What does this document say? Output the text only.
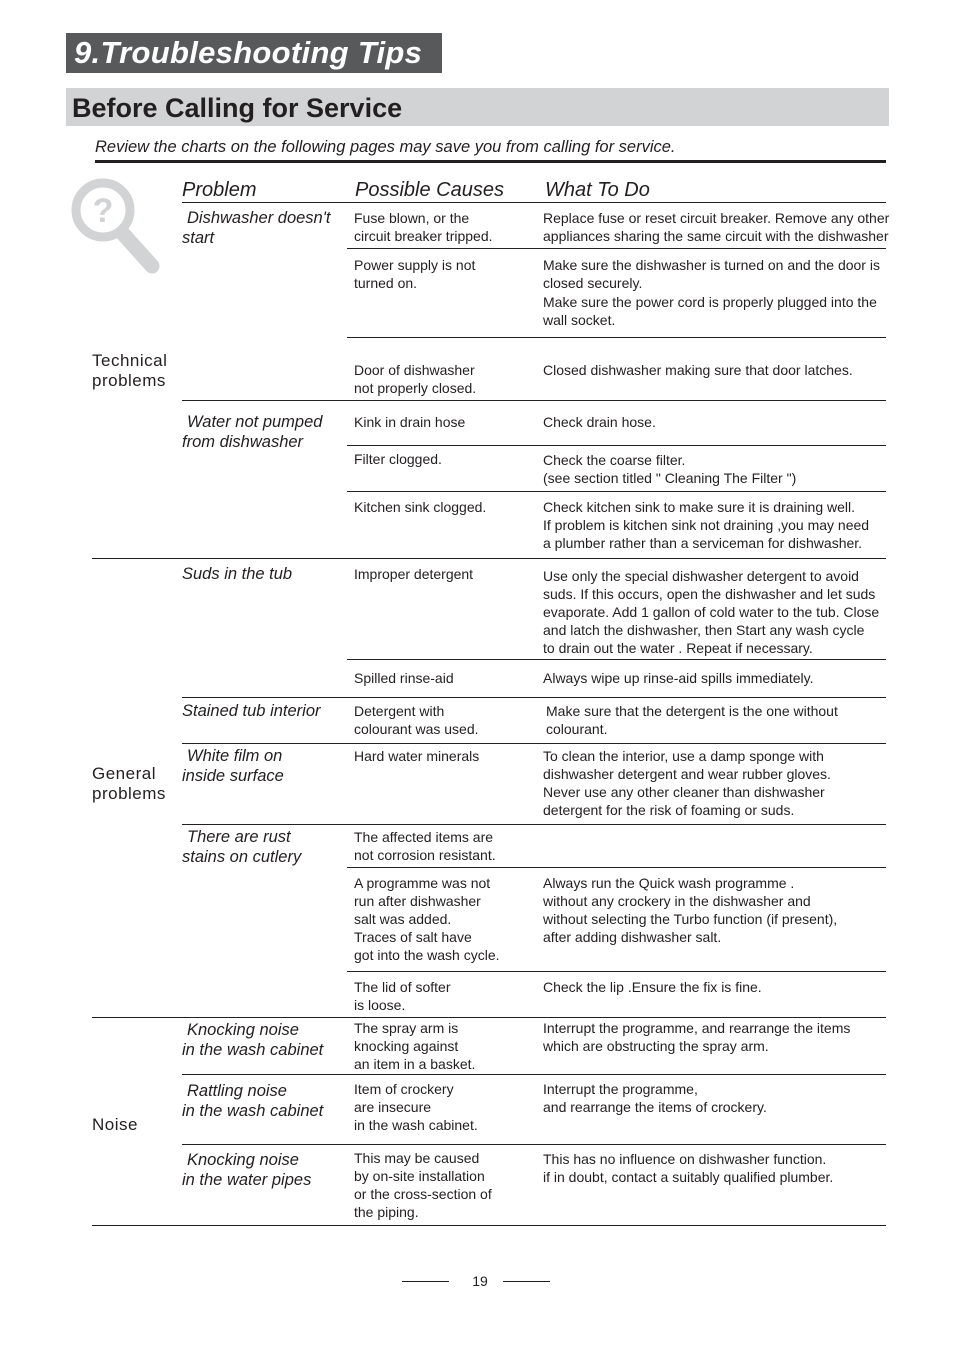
9.Troubleshooting Tips
Before Calling for Service
Review the charts on the following pages may save you from calling for service.
?
Problem	Possible Causes What To Do
Technical
problems
General
problems
Noise
Dishwasher doesn't
start
Water not pumped
from dishwasher
Suds in the tub
Stained tub interior
White film on
inside surface
There are rust
stains on cutlery
Knocking noise
in the wash cabinet
Rattling noise
in the wash cabinet
Knocking noise
in the water pipes
Fuse blown, or the
circuit breaker tripped.
Power supply is not
turned on.
Door of dishwasher
not properly closed.
Kink in drain hose
Filter clogged.
Kitchen sink clogged.
Improper detergent
Spilled rinse-aid
Detergent with
colourant was used.
Hard water minerals
The affected items are
not corrosion resistant.
A programme was not
run after dishwasher
salt was added.
Traces of salt have
got into the wash cycle.
The lid of softer
is loose.
The spray arm is
knocking against
an item in a basket.
Item of crockery
are insecure
in the wash cabinet.
This may be caused
by on-site installation
or the cross-section of
the piping.
Replace fuse or reset circuit breaker. Remove any other
appliances sharing the same circuit with the dishwasher
Make sure the dishwasher is turned on and the door is
closed securely.
Make sure the power cord is properly plugged into the
wall socket.
Closed dishwasher making sure that door latches.
Check drain hose.
Check the coarse filter.
(see section titled " Cleaning The Filter ")
Check kitchen sink to make sure it is draining well.
If problem is kitchen sink not draining ,you may need
a plumber rather than a serviceman for dishwasher.
Use only the special dishwasher detergent to avoid
suds. If this occurs, open the dishwasher and let suds
evaporate. Add 1 gallon of cold water to the tub. Close
and latch the dishwasher, then Start any wash cycle
to drain out the water . Repeat if necessary.
Always wipe up rinse-aid spills immediately.
Make sure that the detergent is the one without
colourant.
To clean the interior, use a damp sponge with
dishwasher detergent and wear rubber gloves.
Never use any other cleaner than dishwasher
detergent for the risk of foaming or suds.
Always run the Quick wash programme .
without any crockery in the dishwasher and
without selecting the Turbo function (if present),
after adding dishwasher salt.
Check the lip .Ensure the fix is fine.
Interrupt the programme, and rearrange the items
which are obstructing the spray arm.
Interrupt the programme,
and rearrange the items of crockery.
This has no influence on dishwasher function.
if in doubt, contact a suitably qualified plumber.
19
